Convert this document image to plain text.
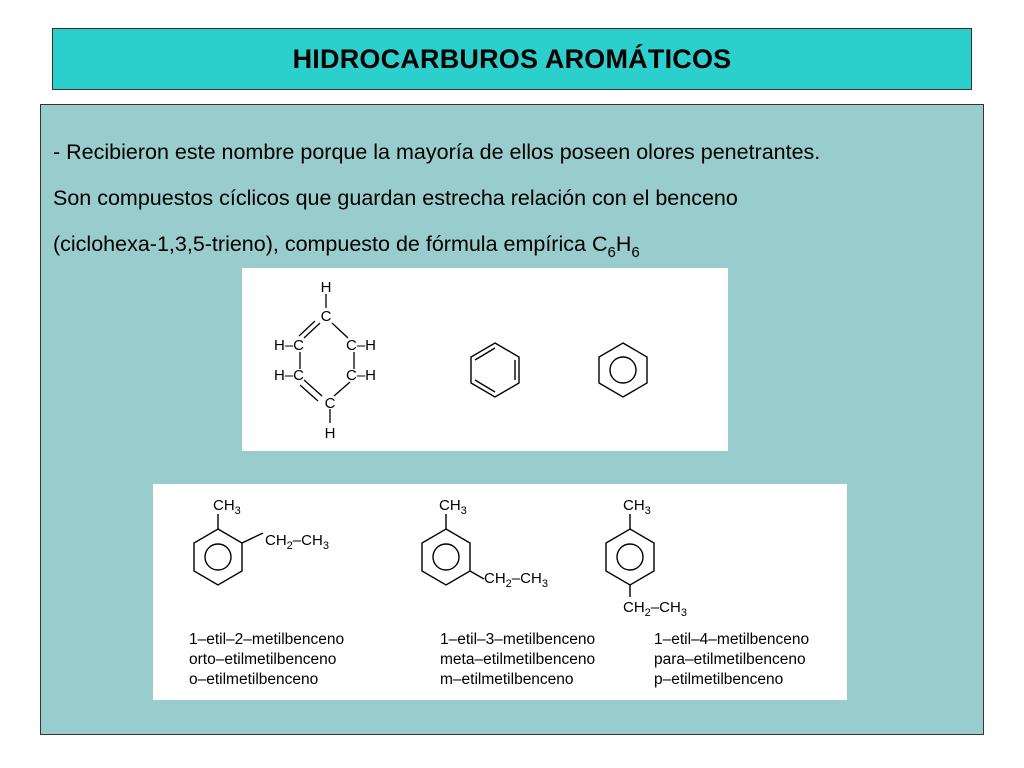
HIDROCARBUROS AROMÁTICOS

- Recibieron este nombre porque la mayoría de ellos poseen olores penetrantes.

Son compuestos cíclicos que guardan estrecha relación con el benceno

(ciclohexa-1,3,5-trieno), compuesto de fórmula empírica $C_6H_6$

H
C
H–C	C–H
H–C	C–H
C
H
$CH_3$
$CH_2-CH_3$
$CH_3$
$CH_2-CH_3$
$CH_3$
$CH_2-CH_3$
1–etil–2–metilbenceno
orto–etilmetilbenceno
o–etilmetilbenceno
1–etil–3–metilbenceno
meta–etilmetilbenceno
m–etilmetilbenceno
1–etil–4–metilbenceno
para–etilmetilbenceno
p–etilmetilbenceno
